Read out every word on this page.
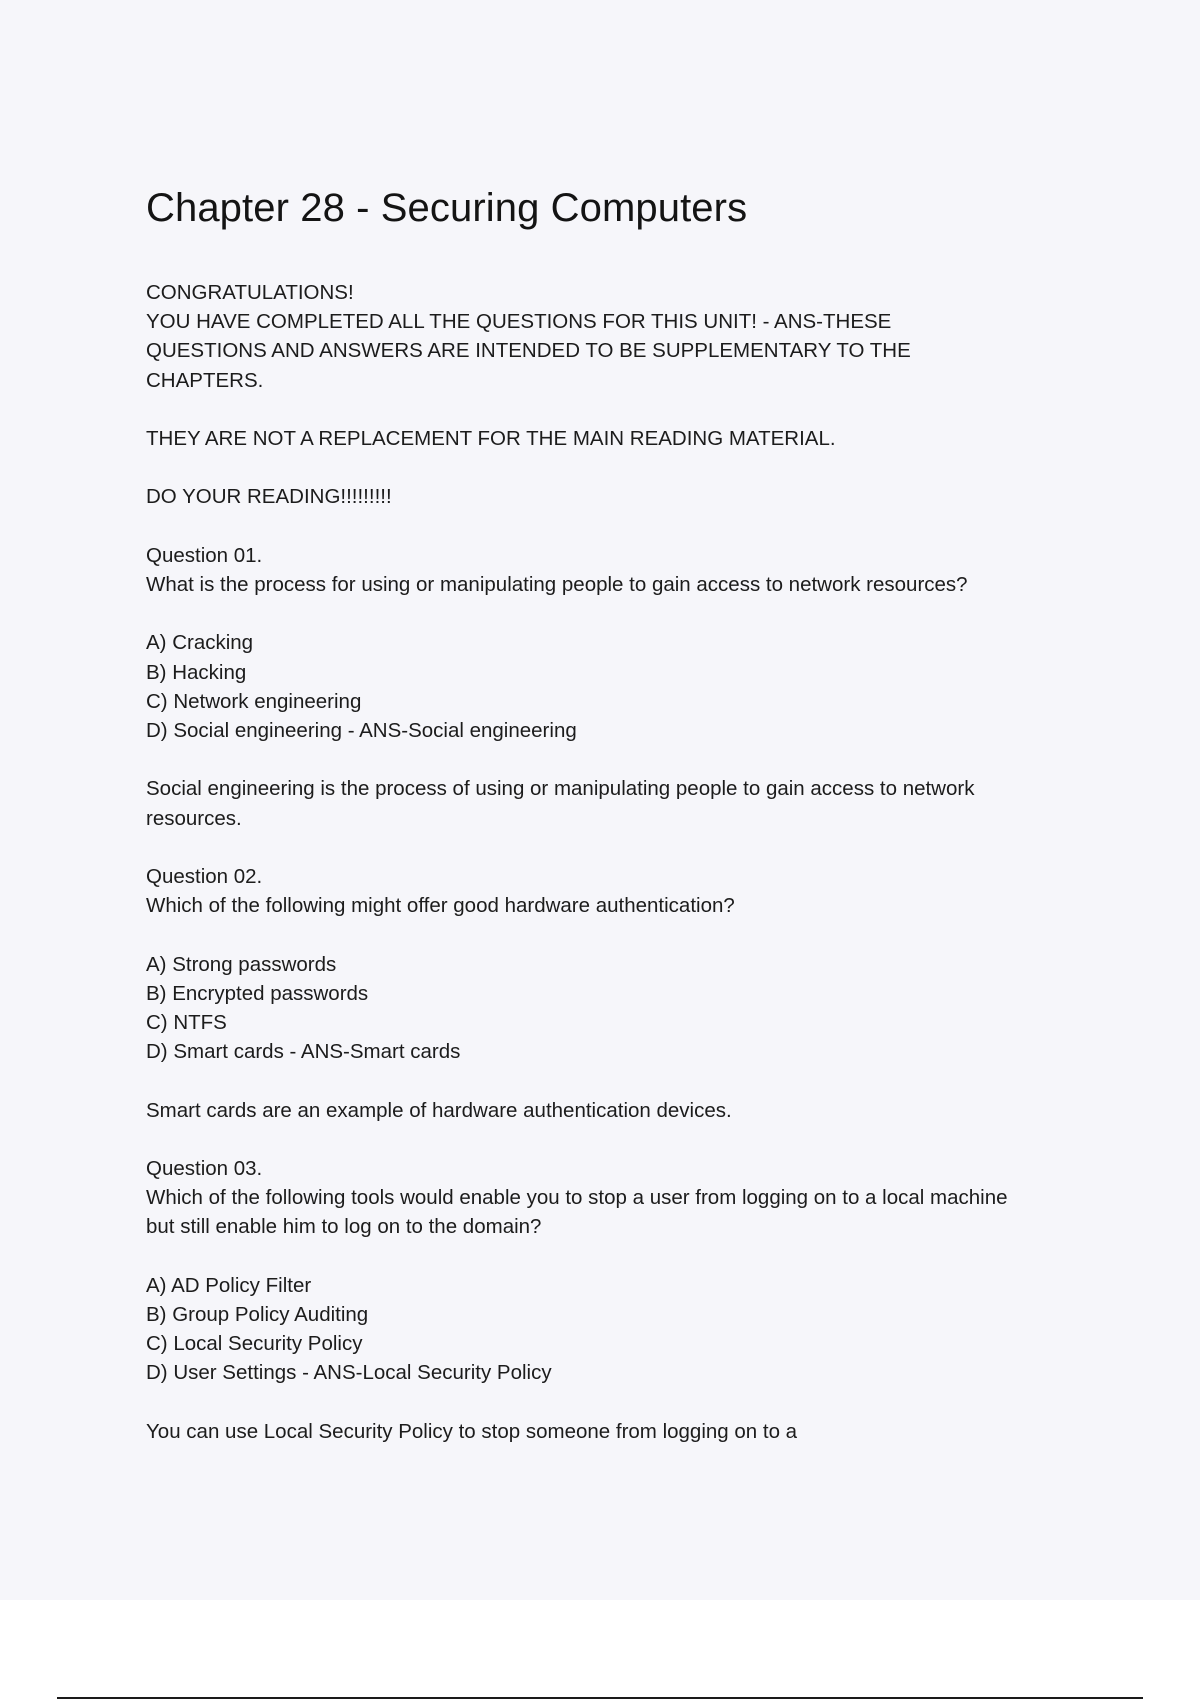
Chapter 28 - Securing Computers
CONGRATULATIONS!
YOU HAVE COMPLETED ALL THE QUESTIONS FOR THIS UNIT! - ANS-THESE
QUESTIONS AND ANSWERS ARE INTENDED TO BE SUPPLEMENTARY TO THE
CHAPTERS.
THEY ARE NOT A REPLACEMENT FOR THE MAIN READING MATERIAL.
DO YOUR READING!!!!!!!!!
Question 01.
What is the process for using or manipulating people to gain access to network resources?
A) Cracking
B) Hacking
C) Network engineering
D) Social engineering - ANS-Social engineering
Social engineering is the process of using or manipulating people to gain access to network
resources.
Question 02.
Which of the following might offer good hardware authentication?
A) Strong passwords
B) Encrypted passwords
C) NTFS
D) Smart cards - ANS-Smart cards
Smart cards are an example of hardware authentication devices.
Question 03.
Which of the following tools would enable you to stop a user from logging on to a local machine
but still enable him to log on to the domain?
A) AD Policy Filter
B) Group Policy Auditing
C) Local Security Policy
D) User Settings - ANS-Local Security Policy
You can use Local Security Policy to stop someone from logging on to a
